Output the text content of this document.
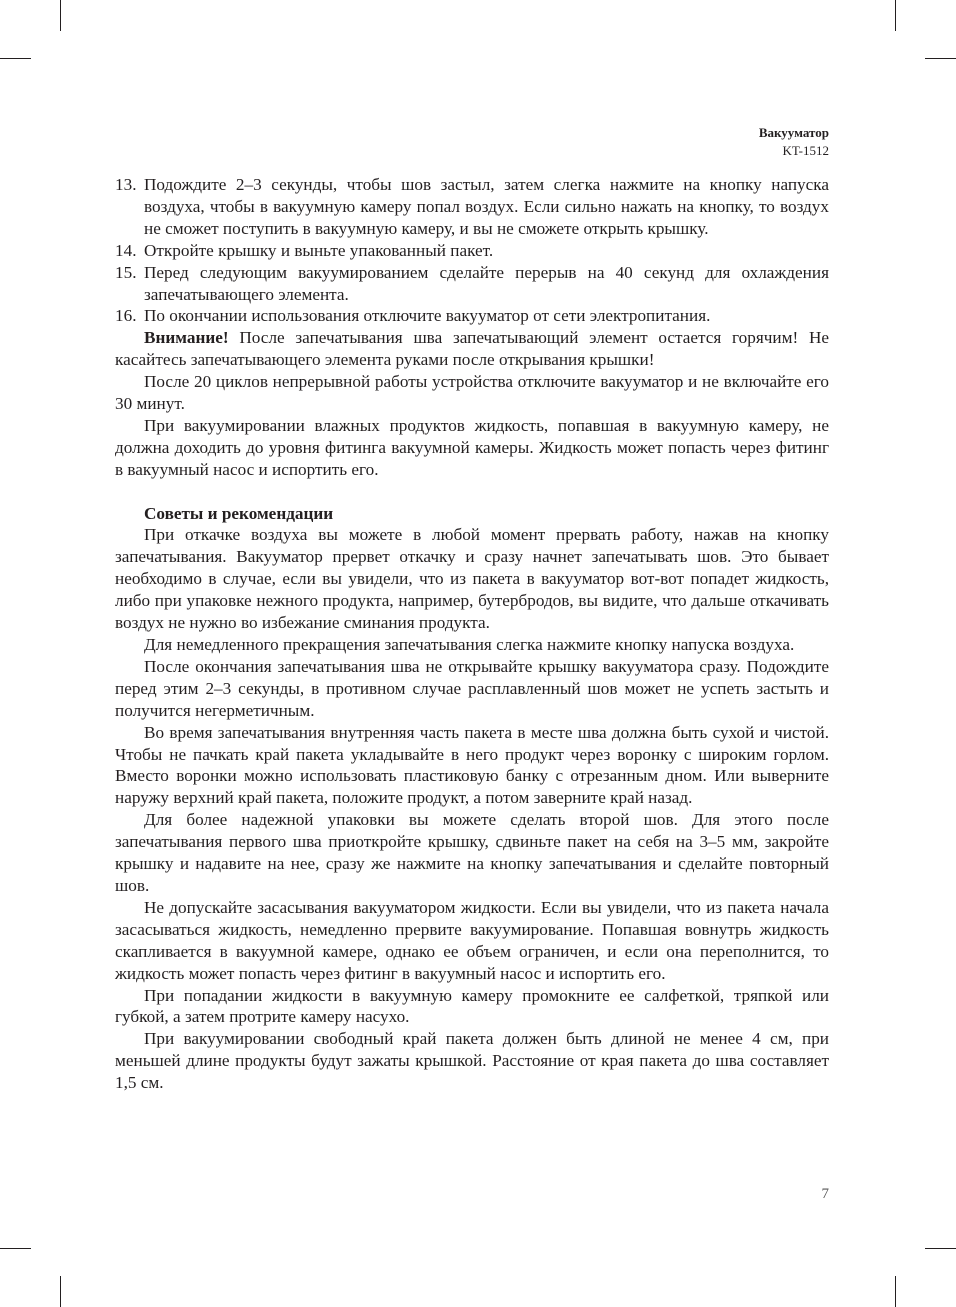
Вакууматор
KT-1512
13. Подождите 2–3 секунды, чтобы шов застыл, затем слегка нажмите на кнопку напуска воздуха, чтобы в вакуумную камеру попал воздух. Если сильно нажать на кнопку, то воздух не сможет поступить в вакуумную камеру, и вы не сможете открыть крышку.
14. Откройте крышку и выньте упакованный пакет.
15. Перед следующим вакуумированием сделайте перерыв на 40 секунд для охлаждения запечатывающего элемента.
16. По окончании использования отключите вакууматор от сети электропитания.

Внимание! После запечатывания шва запечатывающий элемент остается горячим! Не касайтесь запечатывающего элемента руками после открывания крышки!

После 20 циклов непрерывной работы устройства отключите вакууматор и не включайте его 30 минут.

При вакуумировании влажных продуктов жидкость, попавшая в вакуумную камеру, не должна доходить до уровня фитинга вакуумной камеры. Жидкость может попасть через фитинг в вакуумный насос и испортить его.

Советы и рекомендации

При откачке воздуха вы можете в любой момент прервать работу, нажав на кнопку запечатывания. Вакууматор прервет откачку и сразу начнет запечатывать шов. Это бывает необходимо в случае, если вы увидели, что из пакета в вакууматор вот-вот попадет жидкость, либо при упаковке нежного продукта, например, бутербродов, вы видите, что дальше откачивать воздух не нужно во избежание сминания продукта.

Для немедленного прекращения запечатывания слегка нажмите кнопку напуска воздуха.

После окончания запечатывания шва не открывайте крышку вакууматора сразу. Подождите перед этим 2–3 секунды, в противном случае расплавленный шов может не успеть застыть и получится негерметичным.

Во время запечатывания внутренняя часть пакета в месте шва должна быть сухой и чистой. Чтобы не пачкать край пакета укладывайте в него продукт через воронку с широким горлом. Вместо воронки можно использовать пластиковую банку с отрезанным дном. Или выверните наружу верхний край пакета, положите продукт, а потом заверните край назад.

Для более надежной упаковки вы можете сделать второй шов. Для этого после запечатывания первого шва приоткройте крышку, сдвиньте пакет на себя на 3–5 мм, закройте крышку и надавите на нее, сразу же нажмите на кнопку запечатывания и сделайте повторный шов.

Не допускайте засасывания вакууматором жидкости. Если вы увидели, что из пакета начала засасываться жидкость, немедленно прервите вакуумирование. Попавшая вовнутрь жидкость скапливается в вакуумной камере, однако ее объем ограничен, и если она переполнится, то жидкость может попасть через фитинг в вакуумный насос и испортить его.

При попадании жидкости в вакуумную камеру промокните ее салфеткой, тряпкой или губкой, а затем протрите камеру насухо.

При вакуумировании свободный край пакета должен быть длиной не менее 4 см, при меньшей длине продукты будут зажаты крышкой. Расстояние от края пакета до шва составляет 1,5 см.

7
